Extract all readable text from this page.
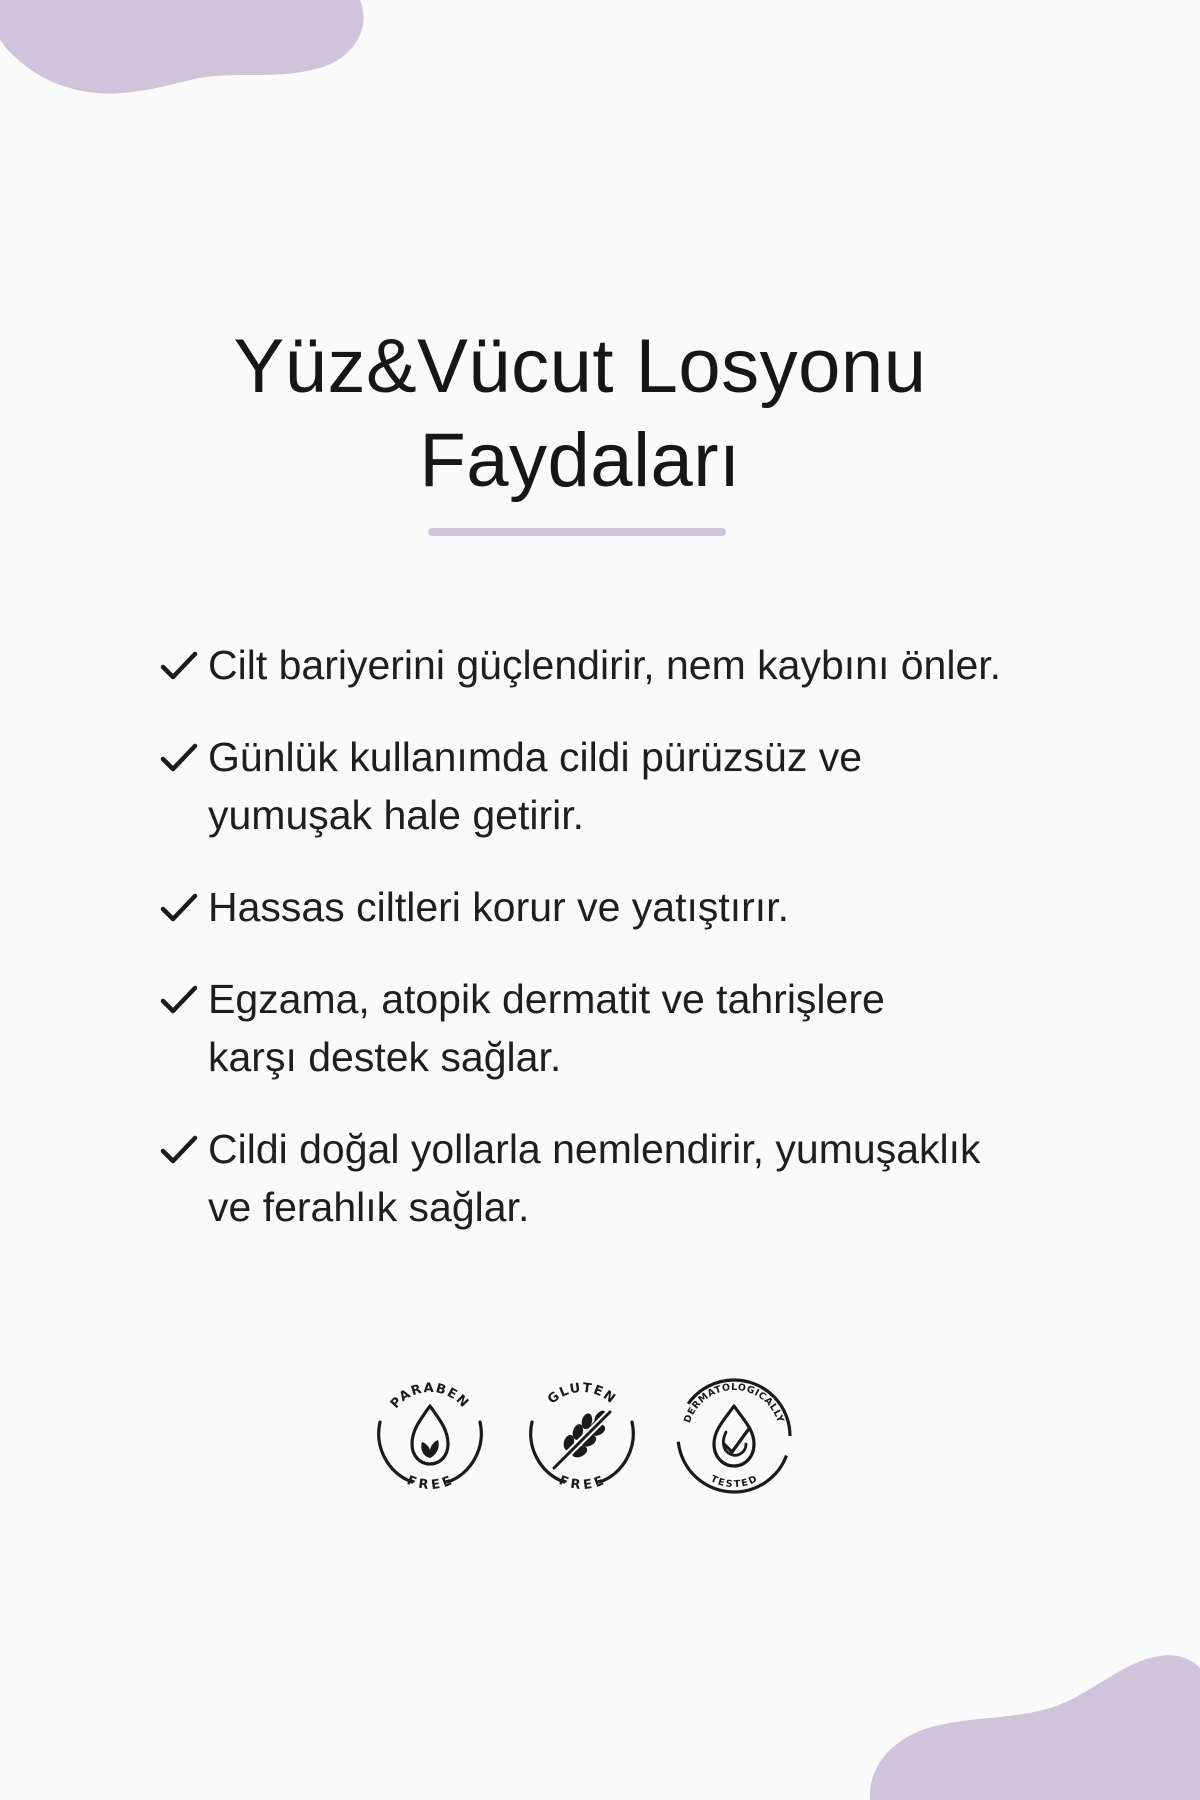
Yüz&Vücut Losyonu
Faydaları
Cilt bariyerini güçlendirir, nem kaybını önler.
Günlük kullanımda cildi pürüzsüz ve
yumuşak hale getirir.
Hassas ciltleri korur ve yatıştırır.
Egzama, atopik dermatit ve tahrişlere
karşı destek sağlar.
Cildi doğal yollarla nemlendirir, yumuşaklık
ve ferahlık sağlar.
PARABEN
FREE
GLUTEN
FREE
DERMATOLOGICALLY
TESTED
